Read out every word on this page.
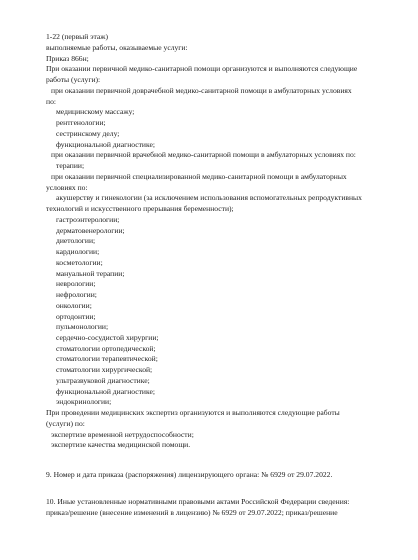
1-22 (первый этаж)
выполняемые работы, оказываемые услуги:
Приказ 866н;
При оказании первичной медико-санитарной помощи организуются и выполняются следующие
работы (услуги):
при оказании первичной доврачебной медико-санитарной помощи в амбулаторных условиях
по:
медицинскому массажу;
рентгенологии;
сестринскому делу;
функциональной диагностике;
при оказании первичной врачебной медико-санитарной помощи в амбулаторных условиях по:
терапии;
при оказании первичной специализированной медико-санитарной помощи в амбулаторных
условиях по:
акушерству и гинекологии (за исключением использования вспомогательных репродуктивных
технологий и искусственного прерывания беременности);
гастроэнтерологии;
дерматовенерологии;
диетологии;
кардиологии;
косметологии;
мануальной терапии;
неврологии;
нефрологии;
онкологии;
ортодонтии;
пульмонологии;
сердечно-сосудистой хирургии;
стоматологии ортопедической;
стоматологии терапевтической;
стоматологии хирургической;
ультразвуковой диагностике;
функциональной диагностике;
эндокринологии;
При проведении медицинских экспертиз организуются и выполняются следующие работы
(услуги) по:
экспертизе временной нетрудоспособности;
экспертизе качества медицинской помощи.
9. Номер и дата приказа (распоряжения) лицензирующего органа: № 6929 от 29.07.2022.
10. Иные установленные нормативными правовыми актами Российской Федерации сведения:
приказ/решение (внесение изменений в лицензию) № 6929 от 29.07.2022; приказ/решение
